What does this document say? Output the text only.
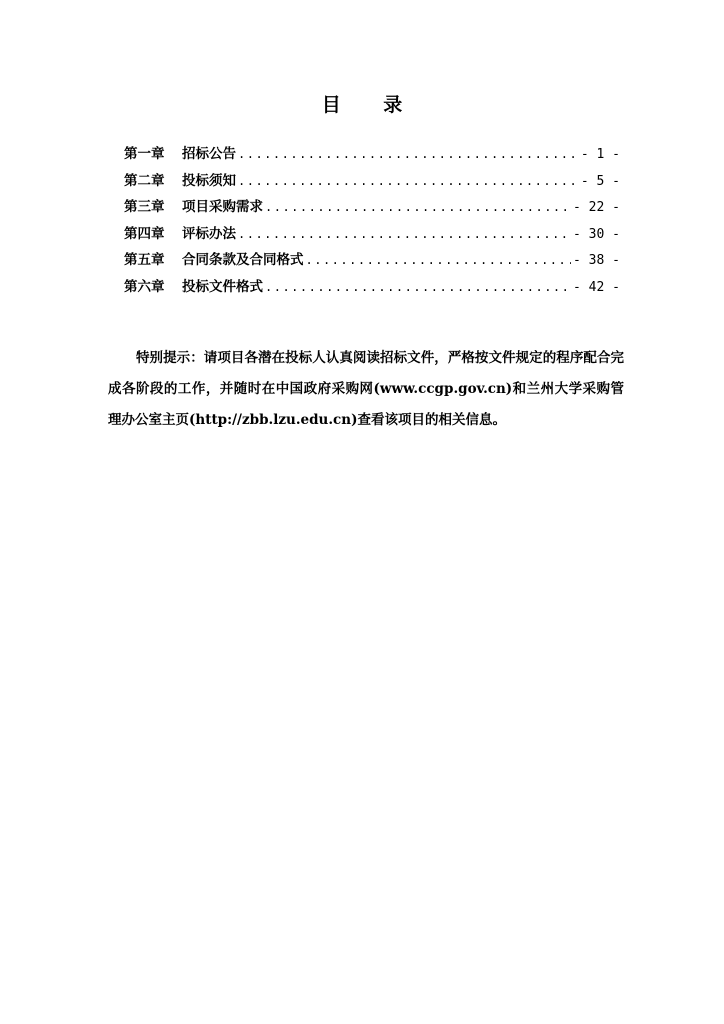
目 录
第一章	招标公告 .....	- 1 -
第二章	投标须知 .....	- 5 -
第三章	项目采购需求 .....	- 22 -
第四章	评标办法 .....	- 30 -
第五章	合同条款及合同格式 .....	- 38 -
第六章	投标文件格式 .....	- 42 -

特别提示：请项目各潜在投标人认真阅读招标文件，严格按文件规定的程序配合完成各阶段的工作，并随时在中国政府采购网(www.ccgp.gov.cn)和兰州大学采购管理办公室主页(http://zbb.lzu.edu.cn)查看该项目的相关信息。
